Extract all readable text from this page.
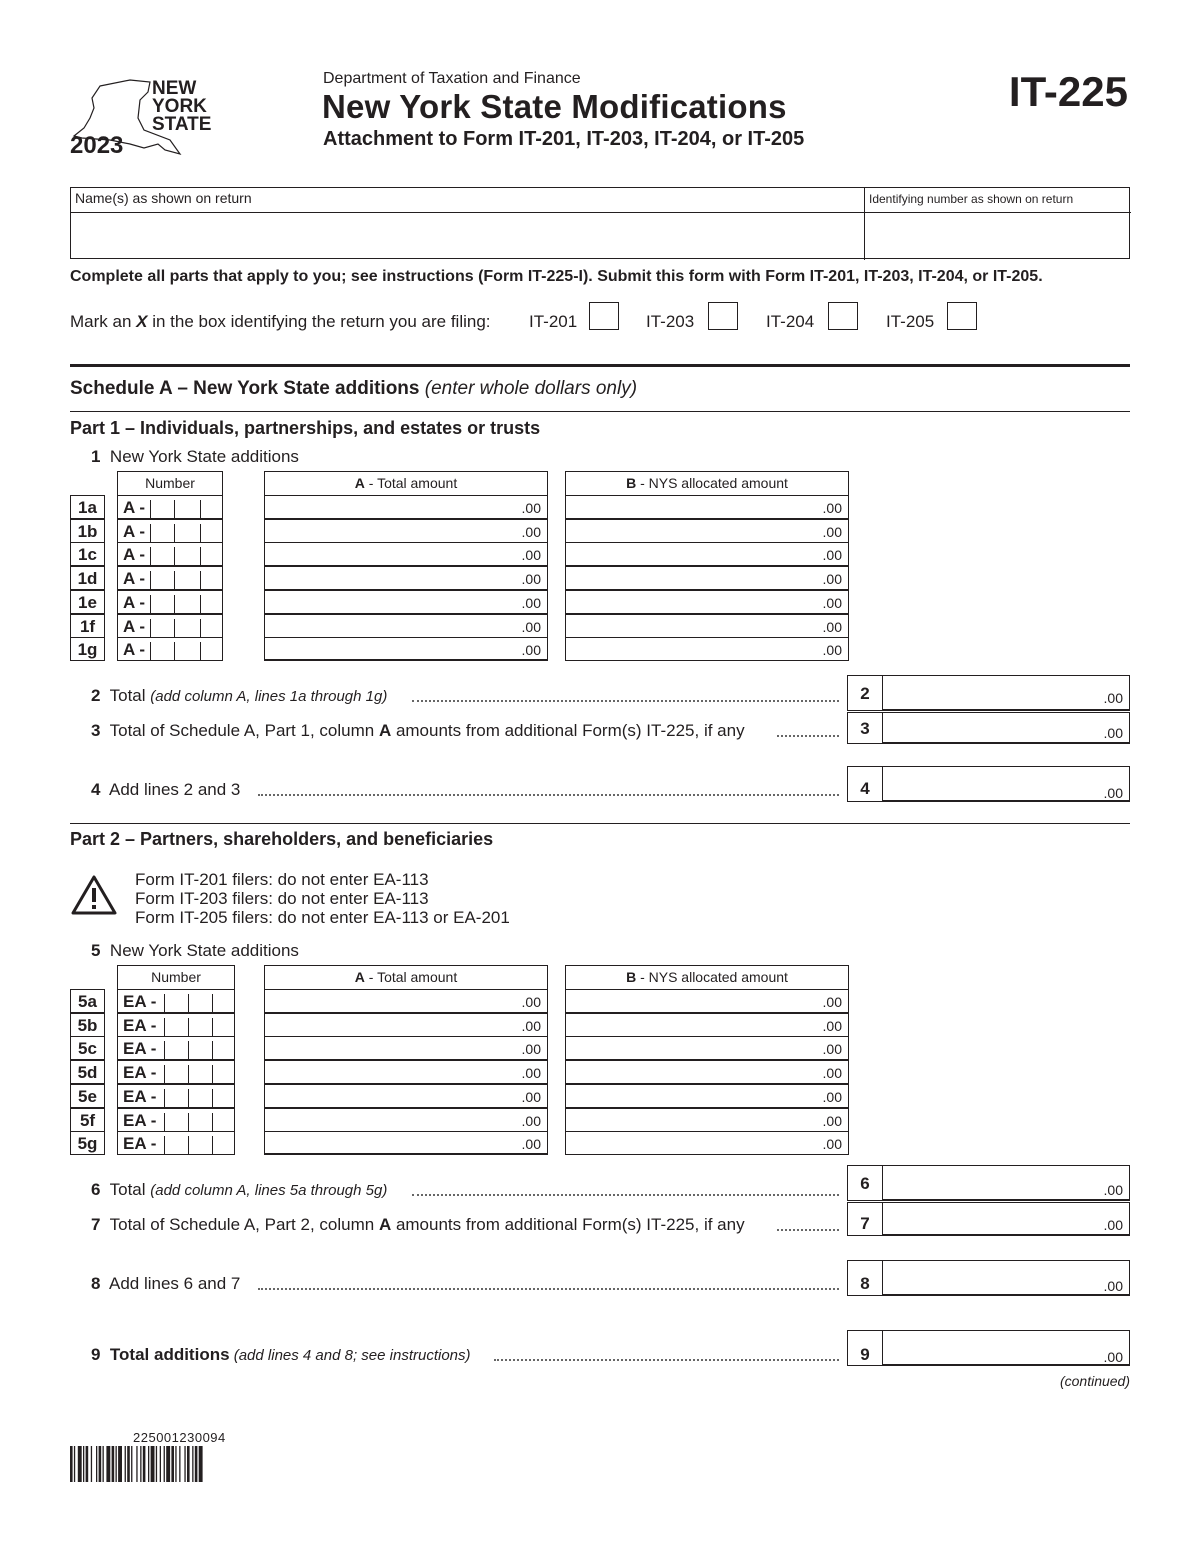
NEW
YORK
STATE
2023
Department of Taxation and Finance
New York State Modifications
Attachment to Form IT-201, IT-203, IT-204, or IT-205
IT-225
Name(s) as shown on return	Identifying number as shown on return
Complete all parts that apply to you; see instructions (Form IT-225-I). Submit this form with Form IT-201, IT-203, IT-204, or IT-205.
Mark an X in the box identifying the return you are filing: IT-201	IT-203	IT-204	IT-205
Schedule A – New York State additions (enter whole dollars only)
Part 1 – Individuals, partnerships, and estates or trusts
1 New York State additions
Number	A - Total amount	B - NYS allocated amount
1a	A -	.00	.00
1b	A -	.00	.00
1c	A -	.00	.00
1d	A -	.00	.00
1e	A -	.00	.00
1f	A -	.00	.00
1g	A -	.00	.00
2 Total (add column A, lines 1a through 1g)	2	.00
3 Total of Schedule A, Part 1, column A amounts from additional Form(s) IT-225, if any	3	.00
4 Add lines 2 and 3	4	.00
Part 2 – Partners, shareholders, and beneficiaries
Form IT-201 filers: do not enter EA-113
Form IT-203 filers: do not enter EA-113
Form IT-205 filers: do not enter EA-113 or EA-201
5 New York State additions
Number	A - Total amount	B - NYS allocated amount
5a	EA -	.00	.00
5b	EA -	.00	.00
5c	EA -	.00	.00
5d	EA -	.00	.00
5e	EA -	.00	.00
5f	EA -	.00	.00
5g	EA -	.00	.00
6 Total (add column A, lines 5a through 5g)	6	.00
7 Total of Schedule A, Part 2, column A amounts from additional Form(s) IT-225, if any	7	.00
8 Add lines 6 and 7	8	.00
9 Total additions (add lines 4 and 8; see instructions)	9	.00
(continued)
225001230094
